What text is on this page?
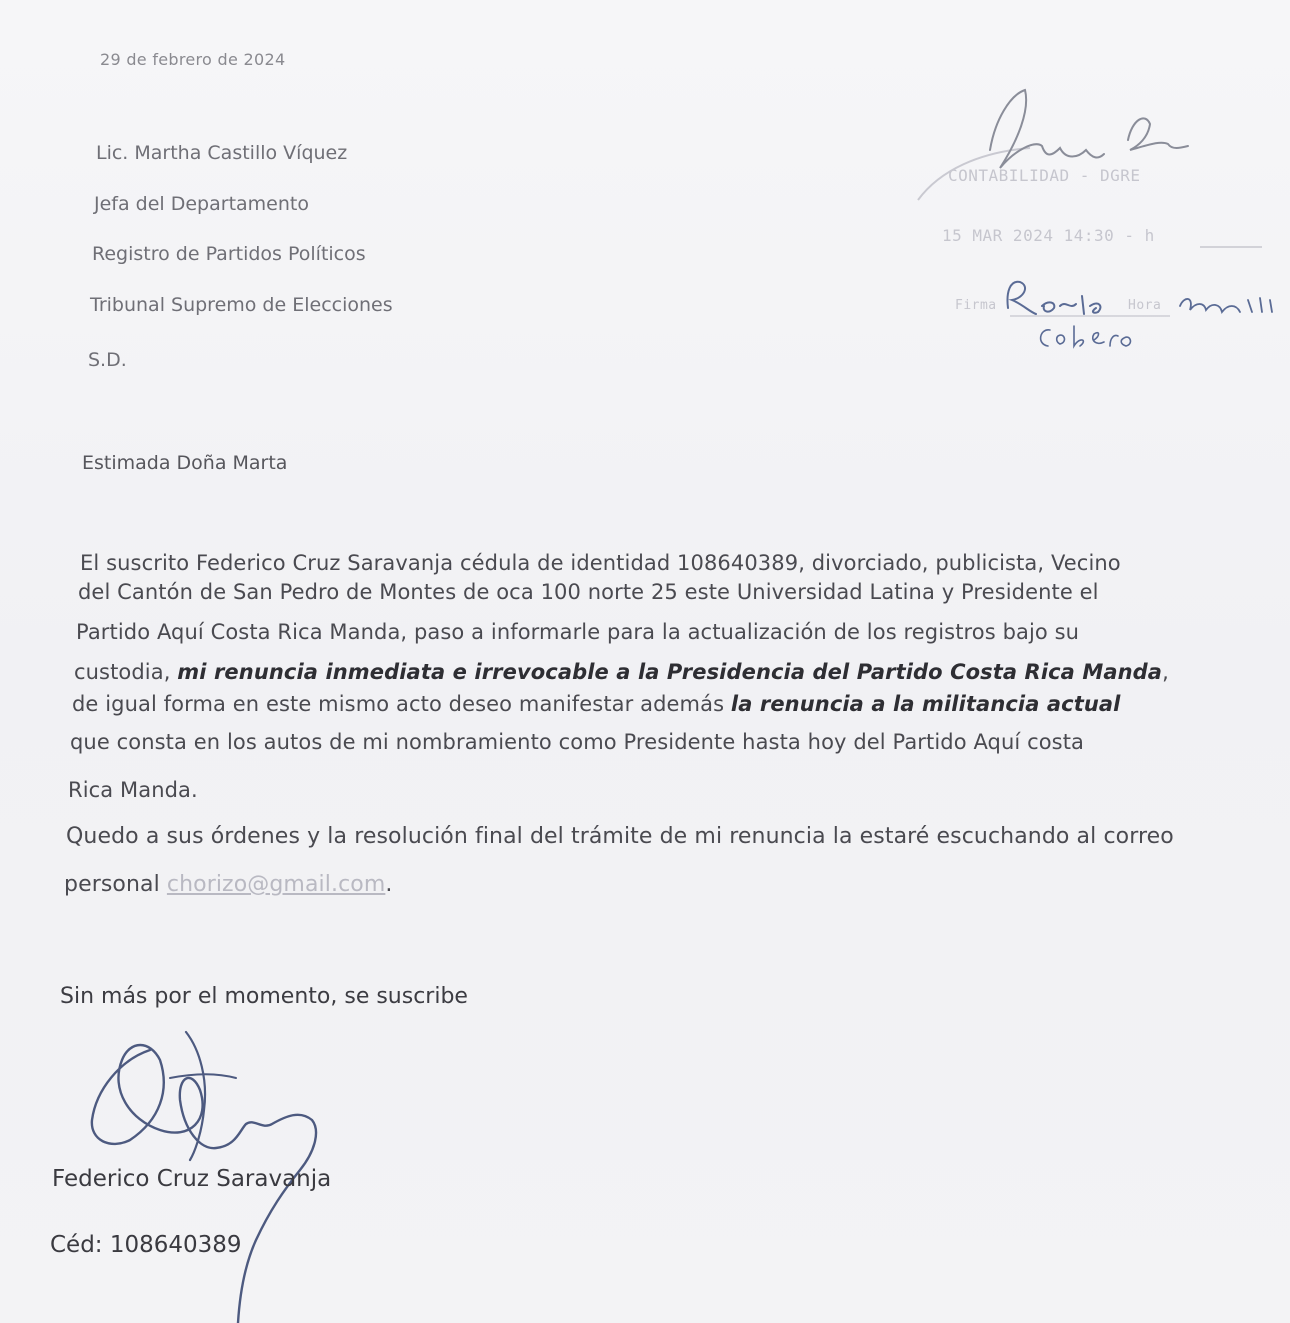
29 de febrero de 2024
Lic. Martha Castillo Víquez
Jefa del Departamento
Registro de Partidos Políticos
Tribunal Supremo de Elecciones
S.D.
CONTABILIDAD - DGRE
15 MAR 2024 14:30 - h
Firma	Hora
Estimada Doña Marta
El suscrito Federico Cruz Saravanja cédula de identidad 108640389, divorciado, publicista, Vecino
del Cantón de San Pedro de Montes de oca 100 norte 25 este Universidad Latina y Presidente el
Partido Aquí Costa Rica Manda, paso a informarle para la actualización de los registros bajo su
custodia, mi renuncia inmediata e irrevocable a la Presidencia del Partido Costa Rica Manda,
de igual forma en este mismo acto deseo manifestar además la renuncia a la militancia actual
que consta en los autos de mi nombramiento como Presidente hasta hoy del Partido Aquí costa
Rica Manda.
Quedo a sus órdenes y la resolución final del trámite de mi renuncia la estaré escuchando al correo
personal chorizo@gmail.com.
Sin más por el momento, se suscribe
Federico Cruz Saravanja
Céd: 108640389
